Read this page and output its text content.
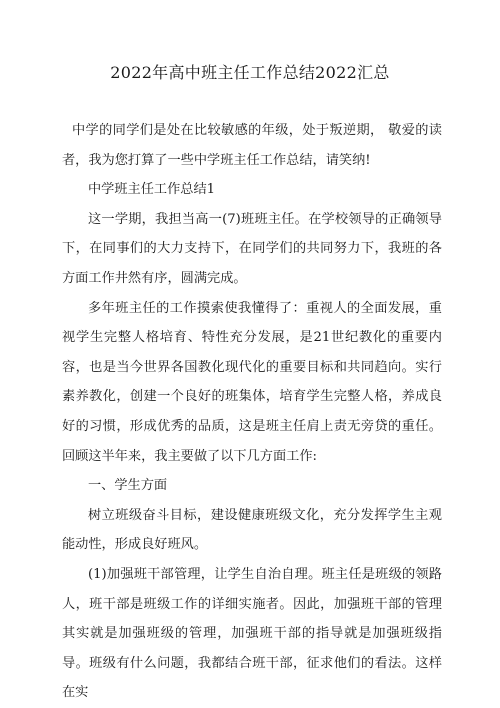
2022年高中班主任工作总结2022汇总

中学的同学们是处在比较敏感的年级，处于叛逆期， 敬爱的读者，我为您打算了一些中学班主任工作总结，请笑纳!

中学班主任工作总结1

这一学期，我担当高一(7)班班主任。在学校领导的正确领导下，在同事们的大力支持下，在同学们的共同努力下，我班的各方面工作井然有序，圆满完成。

多年班主任的工作摸索使我懂得了：重视人的全面发展，重视学生完整人格培育、特性充分发展，是21世纪教化的重要内容，也是当今世界各国教化现代化的重要目标和共同趋向。实行素养教化，创建一个良好的班集体，培育学生完整人格，养成良好的习惯，形成优秀的品质，这是班主任肩上责无旁贷的重任。回顾这半年来，我主要做了以下几方面工作:

一、学生方面

树立班级奋斗目标，建设健康班级文化，充分发挥学生主观能动性，形成良好班风。

(1)加强班干部管理，让学生自治自理。班主任是班级的领路人，班干部是班级工作的详细实施者。因此，加强班干部的管理其实就是加强班级的管理，加强班干部的指导就是加强班级指导。班级有什么问题，我都结合班干部，征求他们的看法。这样在实
